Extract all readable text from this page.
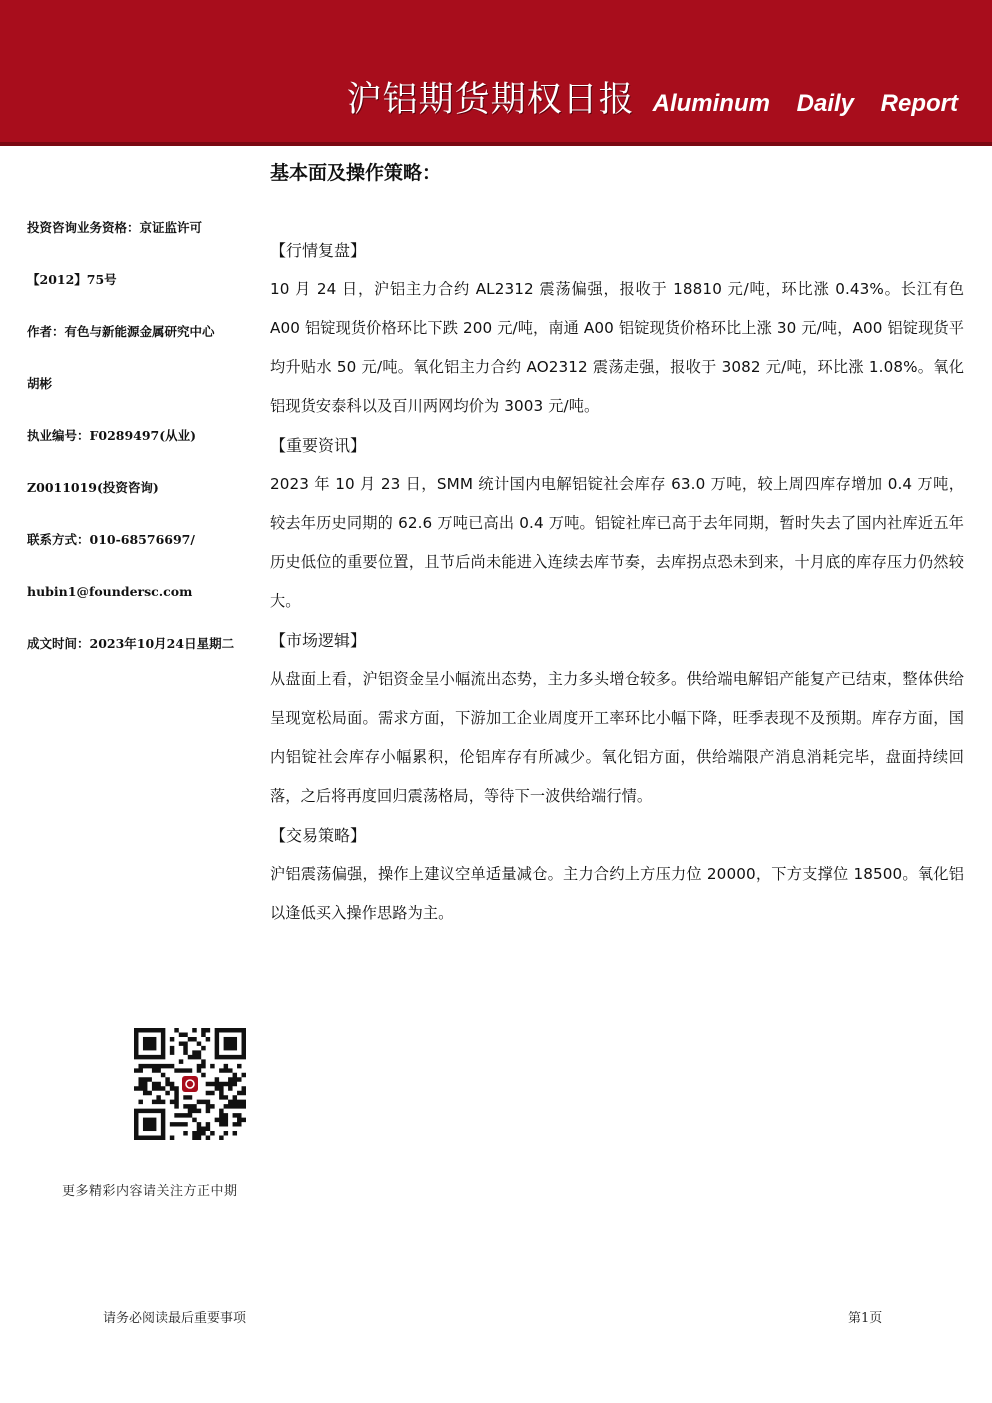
沪铝期货期权日报 Aluminum Daily Report
投资咨询业务资格：京证监许可
【2012】75号
作者：有色与新能源金属研究中心
胡彬
执业编号：F0289497(从业)
Z0011019(投资咨询)
联系方式：010-68576697/
hubin1@foundersc.com
成文时间：2023年10月24日星期二
基本面及操作策略：
【行情复盘】

10 月 24 日，沪铝主力合约 AL2312 震荡偏强，报收于 18810 元/吨，环比涨 0.43%。长江有色 A00 铝锭现货价格环比下跌 200 元/吨，南通 A00 铝锭现货价格环比上涨 30 元/吨，A00 铝锭现货平均升贴水 50 元/吨。氧化铝主力合约 AO2312 震荡走强，报收于 3082 元/吨，环比涨 1.08%。氧化铝现货安泰科以及百川两网均价为 3003 元/吨。

【重要资讯】

2023 年 10 月 23 日，SMM 统计国内电解铝锭社会库存 63.0 万吨，较上周四库存增加 0.4 万吨，较去年历史同期的 62.6 万吨已高出 0.4 万吨。铝锭社库已高于去年同期，暂时失去了国内社库近五年历史低位的重要位置，且节后尚未能进入连续去库节奏，去库拐点恐未到来，十月底的库存压力仍然较大。

【市场逻辑】

从盘面上看，沪铝资金呈小幅流出态势，主力多头增仓较多。供给端电解铝产能复产已结束，整体供给呈现宽松局面。需求方面，下游加工企业周度开工率环比小幅下降，旺季表现不及预期。库存方面，国内铝锭社会库存小幅累积，伦铝库存有所减少。氧化铝方面，供给端限产消息消耗完毕，盘面持续回落，之后将再度回归震荡格局，等待下一波供给端行情。

【交易策略】

沪铝震荡偏强，操作上建议空单适量减仓。主力合约上方压力位 20000，下方支撑位 18500。氧化铝以逢低买入操作思路为主。

更多精彩内容请关注方正中期
请务必阅读最后重要事项	第1页
